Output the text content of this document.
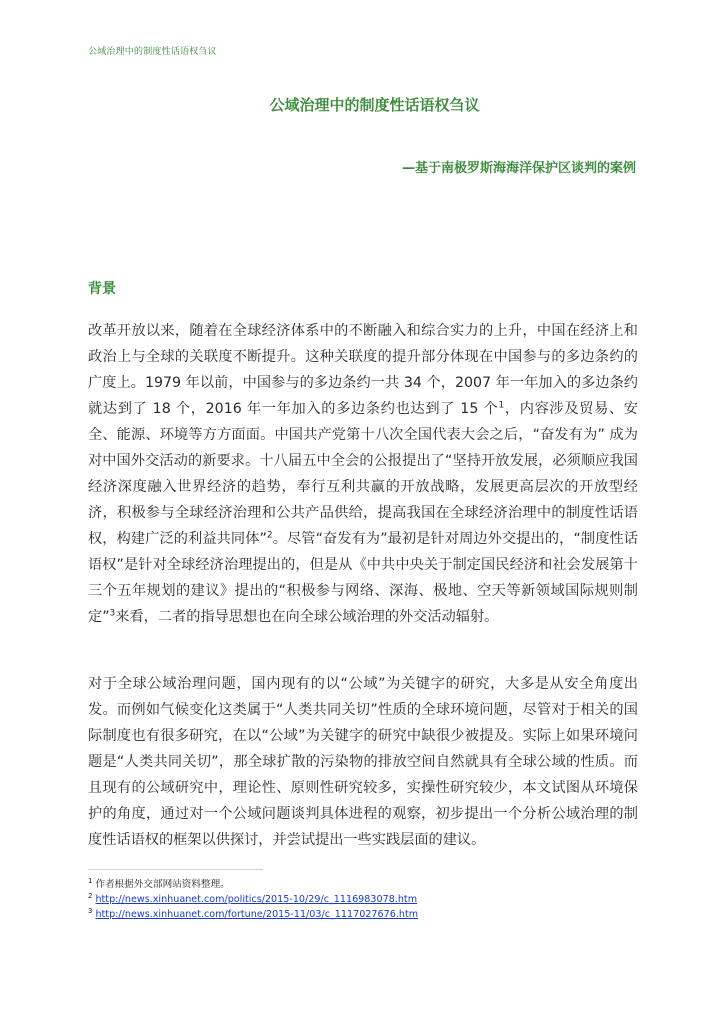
公域治理中的制度性话语权刍议
公域治理中的制度性话语权刍议
—基于南极罗斯海海洋保护区谈判的案例
背景
改革开放以来，随着在全球经济体系中的不断融入和综合实力的上升，中国在经济上和政治上与全球的关联度不断提升。这种关联度的提升部分体现在中国参与的多边条约的广度上。1979 年以前，中国参与的多边条约一共 34 个，2007 年一年加入的多边条约就达到了 18 个，2016 年一年加入的多边条约也达到了 15 个$^1$，内容涉及贸易、安全、能源、环境等方方面面。中国共产党第十八次全国代表大会之后，“奋发有为” 成为对中国外交活动的新要求。十八届五中全会的公报提出了“坚持开放发展，必须顺应我国经济深度融入世界经济的趋势，奉行互利共赢的开放战略，发展更高层次的开放型经济，积极参与全球经济治理和公共产品供给，提高我国在全球经济治理中的制度性话语权，构建广泛的利益共同体”$^2$。尽管“奋发有为”最初是针对周边外交提出的，“制度性话语权”是针对全球经济治理提出的，但是从《中共中央关于制定国民经济和社会发展第十三个五年规划的建议》提出的“积极参与网络、深海、极地、空天等新领域国际规则制定”$^3$来看，二者的指导思想也在向全球公域治理的外交活动辐射。
对于全球公域治理问题，国内现有的以“公域”为关键字的研究，大多是从安全角度出发。而例如气候变化这类属于“人类共同关切”性质的全球环境问题，尽管对于相关的国际制度也有很多研究，在以“公域”为关键字的研究中缺很少被提及。实际上如果环境问题是“人类共同关切”，那全球扩散的污染物的排放空间自然就具有全球公域的性质。而且现有的公域研究中，理论性、原则性研究较多，实操性研究较少，本文试图从环境保护的角度，通过对一个公域问题谈判具体进程的观察，初步提出一个分析公域治理的制度性话语权的框架以供探讨，并尝试提出一些实践层面的建议。
$^1$ 作者根据外交部网站资料整理。
$^2$ http://news.xinhuanet.com/politics/2015-10/29/c_1116983078.htm
$^3$ http://news.xinhuanet.com/fortune/2015-11/03/c_1117027676.htm
